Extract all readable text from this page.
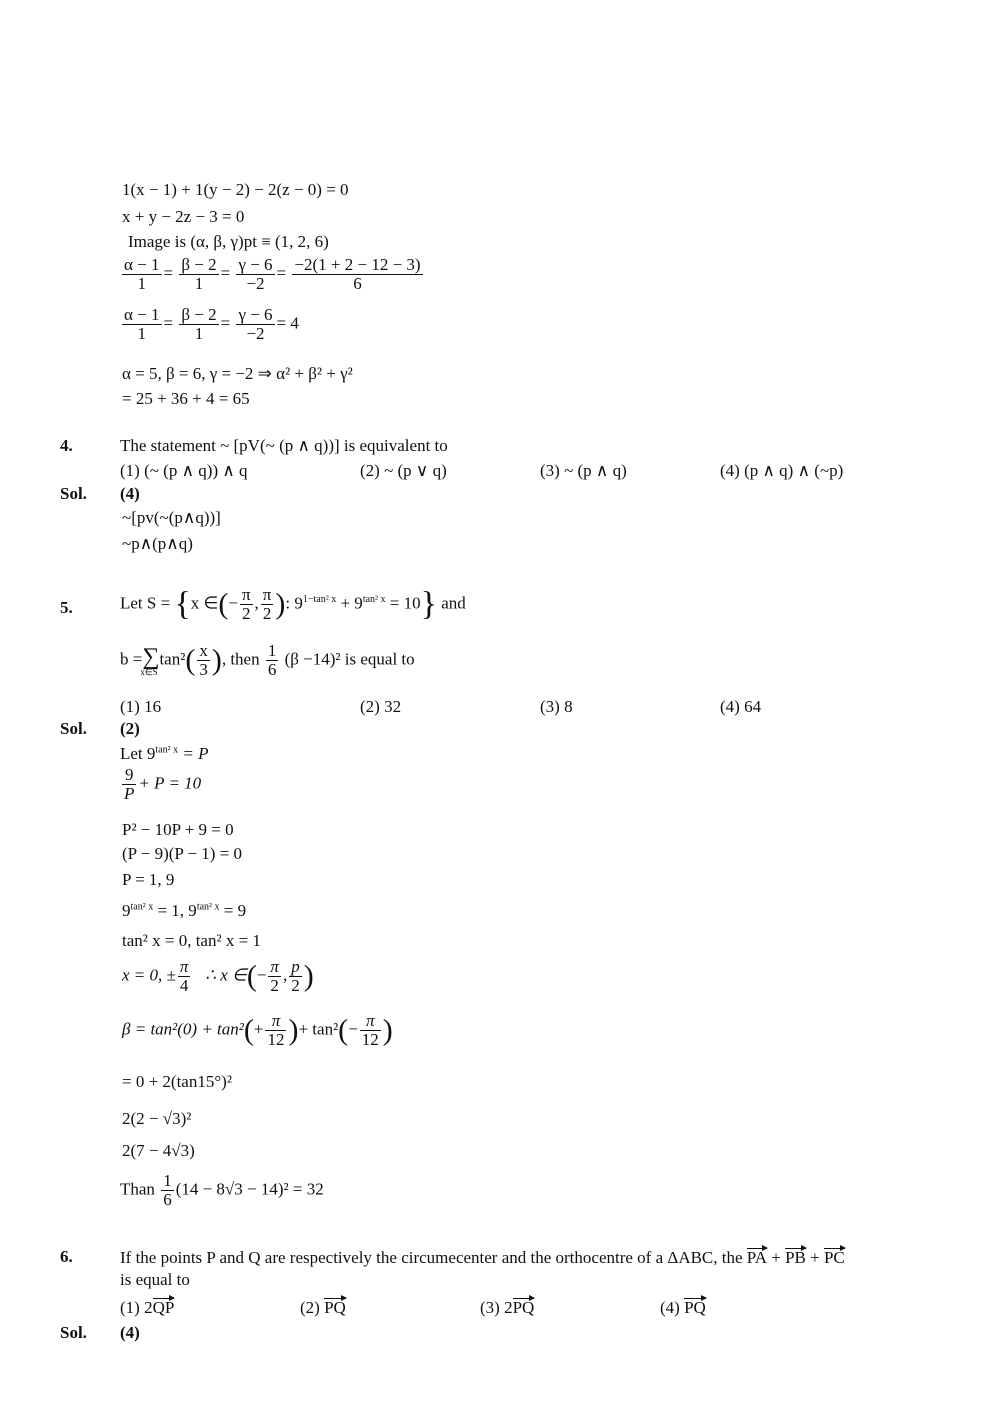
1(x − 1) + 1(y − 2) − 2(z − 0) = 0
x + y − 2z − 3 = 0
Image is (α, β, γ)pt ≡ (1, 2, 6)
$\frac{\alpha - 1}{1} = \frac{\beta - 2}{1} = \frac{\gamma - 6}{-2} = \frac{-2(1 + 2 - 12 - 3)}{6}$
$\frac{\alpha - 1}{1} = \frac{\beta - 2}{1} = \frac{\gamma - 6}{-2} = 4$
α = 5, β = 6, γ = −2 ⇒ α² + β² + γ²
= 25 + 36 + 4 = 65
4.	The statement ~ [pV(~ (p ∧ q))] is equivalent to
(1) (~ (p ∧ q)) ∧ q	(2) ~ (p ∨ q)	(3) ~ (p ∧ q)	(4) (p ∧ q) ∧ (~p)
Sol. (4)
~[pv(~(p∧q))]
~p∧(p∧q)
5.	Let S = {x ∈(− $\frac{\pi}{2}$ , $\frac{\pi}{2}$ ): $9^{1-tan^2 x} + 9^{tan^2 x} = 10$} and
b =∑
x∈S
$\tan^2( \frac{x}{3}$ ), then $\frac{1}{6} (\beta -14)^2$ is equal to
(1) 16	(2) 32	(3) 8	(4) 64
Sol. (2)
Let $9^{tan^2 x} = P$
$\frac{9}{P} + P = 10$
P² − 10P + 9 = 0
(P − 9)(P − 1) = 0
P = 1, 9
$9^{tan^2 x} = 1$, $9^{tan^2 x} = 9$
tan² x = 0, tan² x = 1
x = 0, ± $\frac{\pi}{4}$ ∴ x ∈(− $\frac{\pi}{2}$ , $\frac{p}{2}$ )
$\beta = \tan^2(0) + \tan^2(+ \frac{\pi}{12}$ )+ $\tan^2(- \frac{\pi}{12}$ )
= 0 + 2(tan15°)²
2(2 − √3)²
2(7 − 4√3)
Than $\frac{1}{6} (14 - 8√3 - 14)^2 = 32$
6.	If the points P and Q are respectively the circumecenter and the orthocentre of a ΔABC, the PA + PB + PC
is equal to
(1) 2QP	(2) PQ	(3) 2PQ	(4) PQ
Sol. (4)
